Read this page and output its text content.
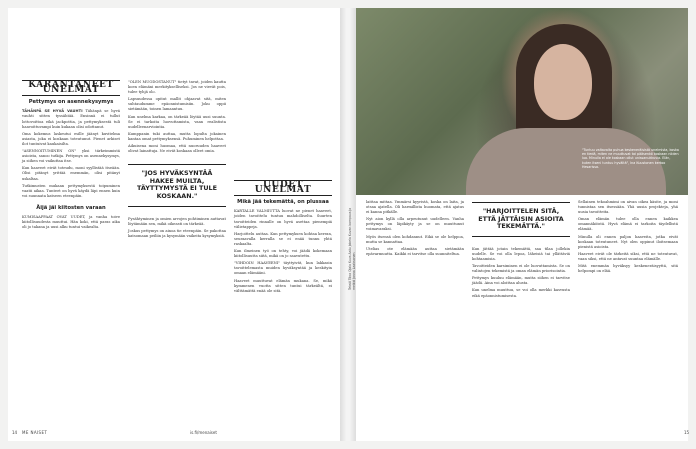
KARANTANEET UNELMAT
Pettymys on asennekysymys

TÄHÄNPÄ SE HYVÄ VAUHTI Tähänpä se hyvä vauhti sitten tyssähtää. Ensinnä ei tullut lottovoittoa eikä jackpottia, ja pettymyksestä tuli haavoittuvampi kuin kukaan olisi odottanut.

Oma kokemus laskeutui esille jäänyt kuvitelma asiasta, joka ei koskaan toteutunut. Pienet arkiset ilot tuntuivat kaukaisilta.

"ASENNOITUMINEN ON" yksi tärkeimmistä asioista, sanoo tutkija. Pettymys on asennekysymys, ja siihen voi vaikuttaa itse.

Kun haaveet eivät toteudu, moni syyllistää itseään. Olisi pitänyt yrittää enemmän, olisi pitänyt uskaltaa.

Tutkimusten mukaan pettymyksestä toipuminen vaatii aikaa. Tunteet on hyvä käydä läpi ennen kuin voi suunnata katseen eteenpäin.

Äijä jäi kiitosten varaan

KUMISAAPPAAT OVAT UUDET, ja vanha toive kiitollisuudesta muuttui. Hän koki, että paras aika oli jo takana ja uusi alku tuntui vaikealta.

"OLEN MUODOSTANUT" tietyt tavat, joiden kautta koen elämäni merkitykselliseksi. Jos ne vievät pois, tulee tyhjä olo.

Lapsuudessa opitut mallit ohjaavat sitä, miten suhtaudumme epäonnistumisiin. Joku oppii sietämään, toinen lamaantuu.

Kun unelma karkaa, on tärkeää löytää uusi suunta. Se ei tarkoita luovuttamista, vaan realistista uudelleenarviointia.

Kumppanin tuki auttaa, mutta lopulta jokainen kantaa omat pettymyksensä. Puhuminen helpottaa.

Aikuisena moni huomaa, että nuoruuden haaveet olivat lainattuja. Ne eivät koskaan olleet omia.

"JOS HYVÄKSYNTÄÄ HAKEE MUILTA, TÄYTTYMYSTÄ EI TULE KOSKAAN."

Pysähtyminen ja omien arvojen pohtiminen auttavat löytämään sen, mikä oikeasti on tärkeää.

Joskus pettymys on ainoa tie eteenpäin. Se pakottaa katsomaan peiliin ja kysymään vaikeita kysymyksiä.

UUDET UNELMAT
Mikä jää tekemättä, on plussaa

KARTALLE VALMIUTTA luovat ne pienet haaveet, joiden tavoittelu tuntuu mahdolliselta. Suurten tavoitteiden rinnalle on hyvä asettaa pienempiä välietappeja.

Harjoittelu auttaa. Kun pettymyksen kohtaa kerran, seuraavalla kerralla se ei enää tunnu yhtä raskaalta.

Kun ilmeinen työ on tehty, voi jäädä kokemaan kiitollisuutta siitä, mikä on jo saavutettu.

"VIHDOIN HAAVEENI" täyttyivät, kun lakkasin tavoittelemasta muiden hyväksyntää ja keskityin omaan elämääni.

Haaveet muuttuvat elämän mukana. Se, mikä kymmenen vuotta sitten tuntui tärkeältä, ei välttämättä enää ole sitä.

14 ME NAISET
"Tuntuu valtavalta puhua keskeneräisistä unelmista, koska en tiedä, miten ne muuttuvat tai pääsenkö koskaan niiden luo. Minulla ei ole koskaan ollut unissanukkuvia. Elän, kuten itseni tuntuu hyvältä", Ina Kuustonen kertoo Hesarissa.
Teksti Tiina Ojala Kuva Aatu Jokela Kuvan kampaus ja meikki Jonna Laaksonen

laittaa mittaa. Ymmärsi kyyristä, koska on laita, ja otsaa ajatella. Oli harmillista huomata, että ajatus ei kanna pitkälle.

Nyt aion kyllä olla arpeutunut uudelleen. Vanha pettymys on läpikäyty ja se on muuttunut voimavaraksi.

Myös itsensä olen kohdannut. Eikä se ole helppoa, mutta se kannattaa.

Utelias ote elämään auttaa sietämään epävarmuutta. Kaikki ei tarvitse olla suunniteltua.

"HARJOITTELEN SITÄ, ETTÄ JÄTTÄISIN ASIOITA TEKEMÄTTÄ."

Kun jättää jotain tekemättä, saa tilaa jollekin uudelle. Se voi olla lepoa, läheisiä tai yllättäviä kohtaamisia.

Tavoitteiden karsiminen ei ole luovuttamista. Se on valintojen tekemistä ja oman elämän priorisointia.

Pettymys kuuluu elämään, mutta siihen ei tarvitse jäädä. Aina voi aloittaa alusta.

Kun unelma muuttuu, se voi olla merkki kasvusta eikä epäonnistumisesta.

Sellainen tekoahmimi on aivan oikea käsite, ja moni tunnistaa sen itsessään. Yhä uusia projekteja, yhä uusia tavoitteita.

Oman elämän tulee olla ennen kaikkea omannäköistä. Hyvä elämä ei tarkoita täydellistä elämää.

Minulla oli ennen paljon haaveita, jotka eivät koskaan toteutuneet. Nyt olen oppinut iloitsemaan pienistä asioista.

Haaveet eivät ole tärkeitä siksi, että ne toteutuvat, vaan siksi, että ne antavat suuntaa elämälle.

Mitä enemmän hyväksyy keskeneräisyyttä, sitä helpompi on elää.

is.fi/menaiset	15
